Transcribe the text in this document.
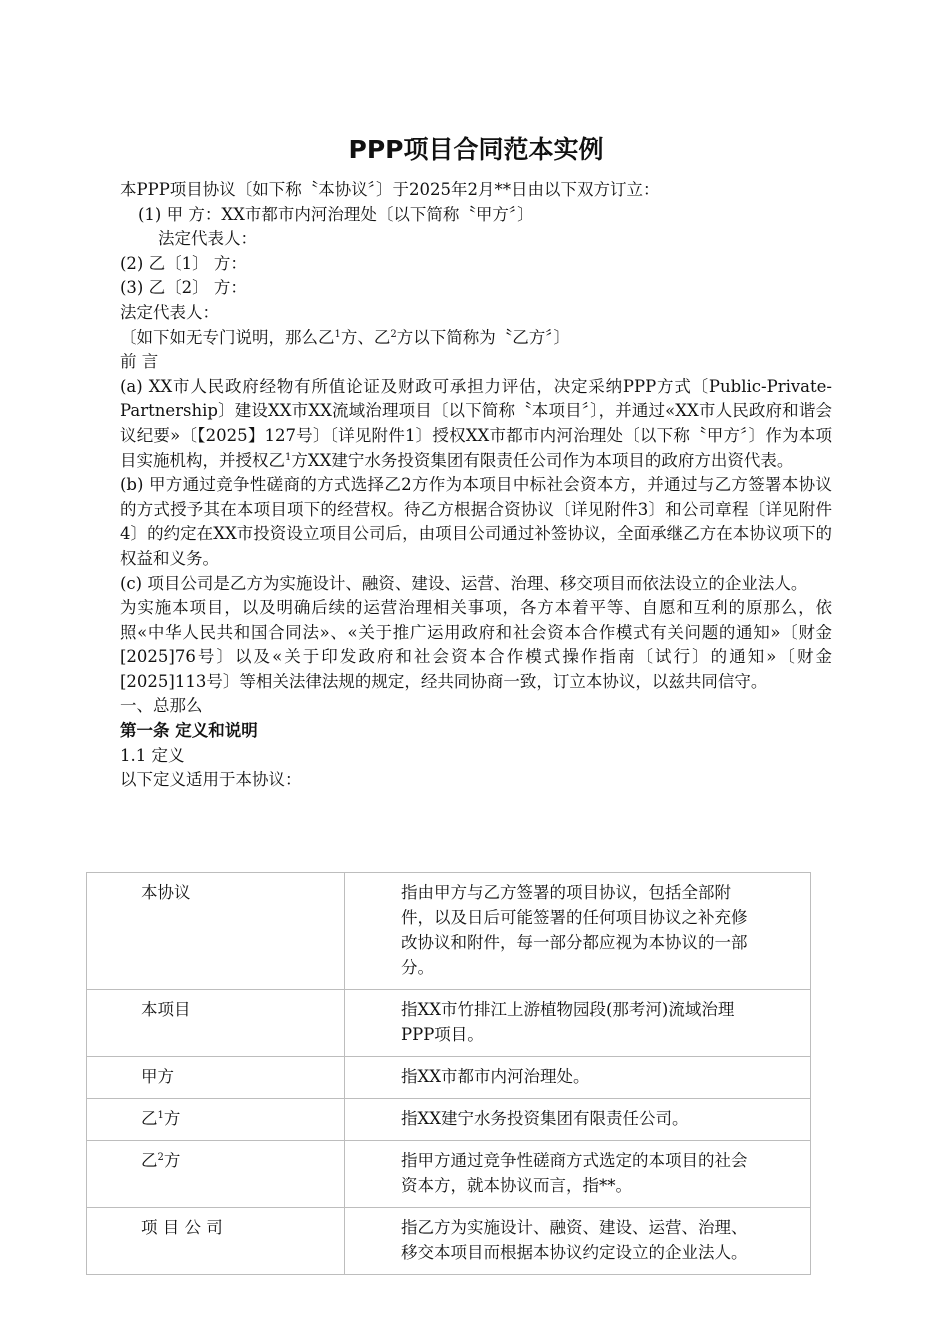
PPP项目合同范本实例

本PPP项目协议〔如下称〝本协议〞〕于2025年2月**日由以下双方订立：

(1) 甲 方：XX市都市内河治理处〔以下简称〝甲方〞〕

法定代表人：

(2) 乙〔1〕 方：

(3) 乙〔2〕 方：

法定代表人：

〔如下如无专门说明，那么乙$^1$方、乙$^2$方以下简称为〝乙方〞〕

前 言

(a) XX市人民政府经物有所值论证及财政可承担力评估，决定采纳PPP方式〔Public-Private-Partnership〕建设XX市XX流域治理项目〔以下简称〝本项目〞〕，并通过«XX市人民政府和谐会议纪要»〔【2025】127号〕〔详见附件1〕授权XX市都市内河治理处〔以下称〝甲方〞〕作为本项目实施机构，并授权乙$^1$方XX建宁水务投资集团有限责任公司作为本项目的政府方出资代表。

(b) 甲方通过竞争性磋商的方式选择乙2方作为本项目中标社会资本方，并通过与乙方签署本协议的方式授予其在本项目项下的经营权。待乙方根据合资协议〔详见附件3〕和公司章程〔详见附件4〕的约定在XX市投资设立项目公司后，由项目公司通过补签协议，全面承继乙方在本协议项下的权益和义务。

(c) 项目公司是乙方为实施设计、融资、建设、运营、治理、移交项目而依法设立的企业法人。

为实施本项目，以及明确后续的运营治理相关事项，各方本着平等、自愿和互利的原那么，依照«中华人民共和国合同法»、«关于推广运用政府和社会资本合作模式有关问题的通知»〔财金[2025]76号〕以及«关于印发政府和社会资本合作模式操作指南〔试行〕的通知»〔财金[2025]113号〕等相关法律法规的规定，经共同协商一致，订立本协议，以兹共同信守。

一、总那么

第一条 定义和说明

1.1 定义

以下定义适用于本协议：

本协议	指由甲方与乙方签署的项目协议，包括全部附件，以及日后可能签署的任何项目协议之补充修改协议和附件，每一部分都应视为本协议的一部分。
本项目	指XX市竹排江上游植物园段(那考河)流域治理PPP项目。
甲方	指XX市都市内河治理处。
乙$^1$方	指XX建宁水务投资集团有限责任公司。
乙$^2$方	指甲方通过竞争性磋商方式选定的本项目的社会资本方，就本协议而言，指**。
项 目 公 司	指乙方为实施设计、融资、建设、运营、治理、移交本项目而根据本协议约定设立的企业法人。
